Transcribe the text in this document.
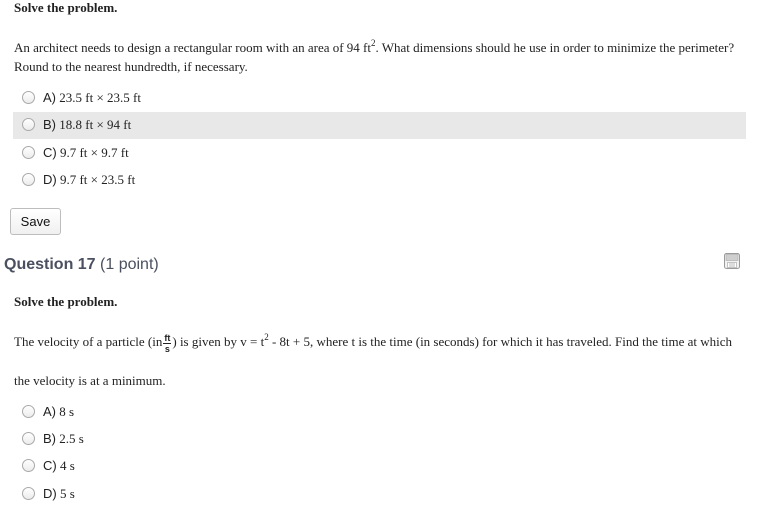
Solve the problem.
An architect needs to design a rectangular room with an area of 94 $ft^2$. What dimensions should he use in order to minimize the perimeter?
Round to the nearest hundredth, if necessary.
A) 23.5 ft × 23.5 ft
B) 18.8 ft × 94 ft
C) 9.7 ft × 9.7 ft
D) 9.7 ft × 23.5 ft
Save
Question 17 (1 point)
Solve the problem.
The velocity of a particle ($in \frac{ft}{s}$ ) is given by $v = t^2 - 8t + 5$, where t is the time (in seconds) for which it has traveled. Find the time at which
the velocity is at a minimum.
A) 8 s
B) 2.5 s
C) 4 s
D) 5 s
